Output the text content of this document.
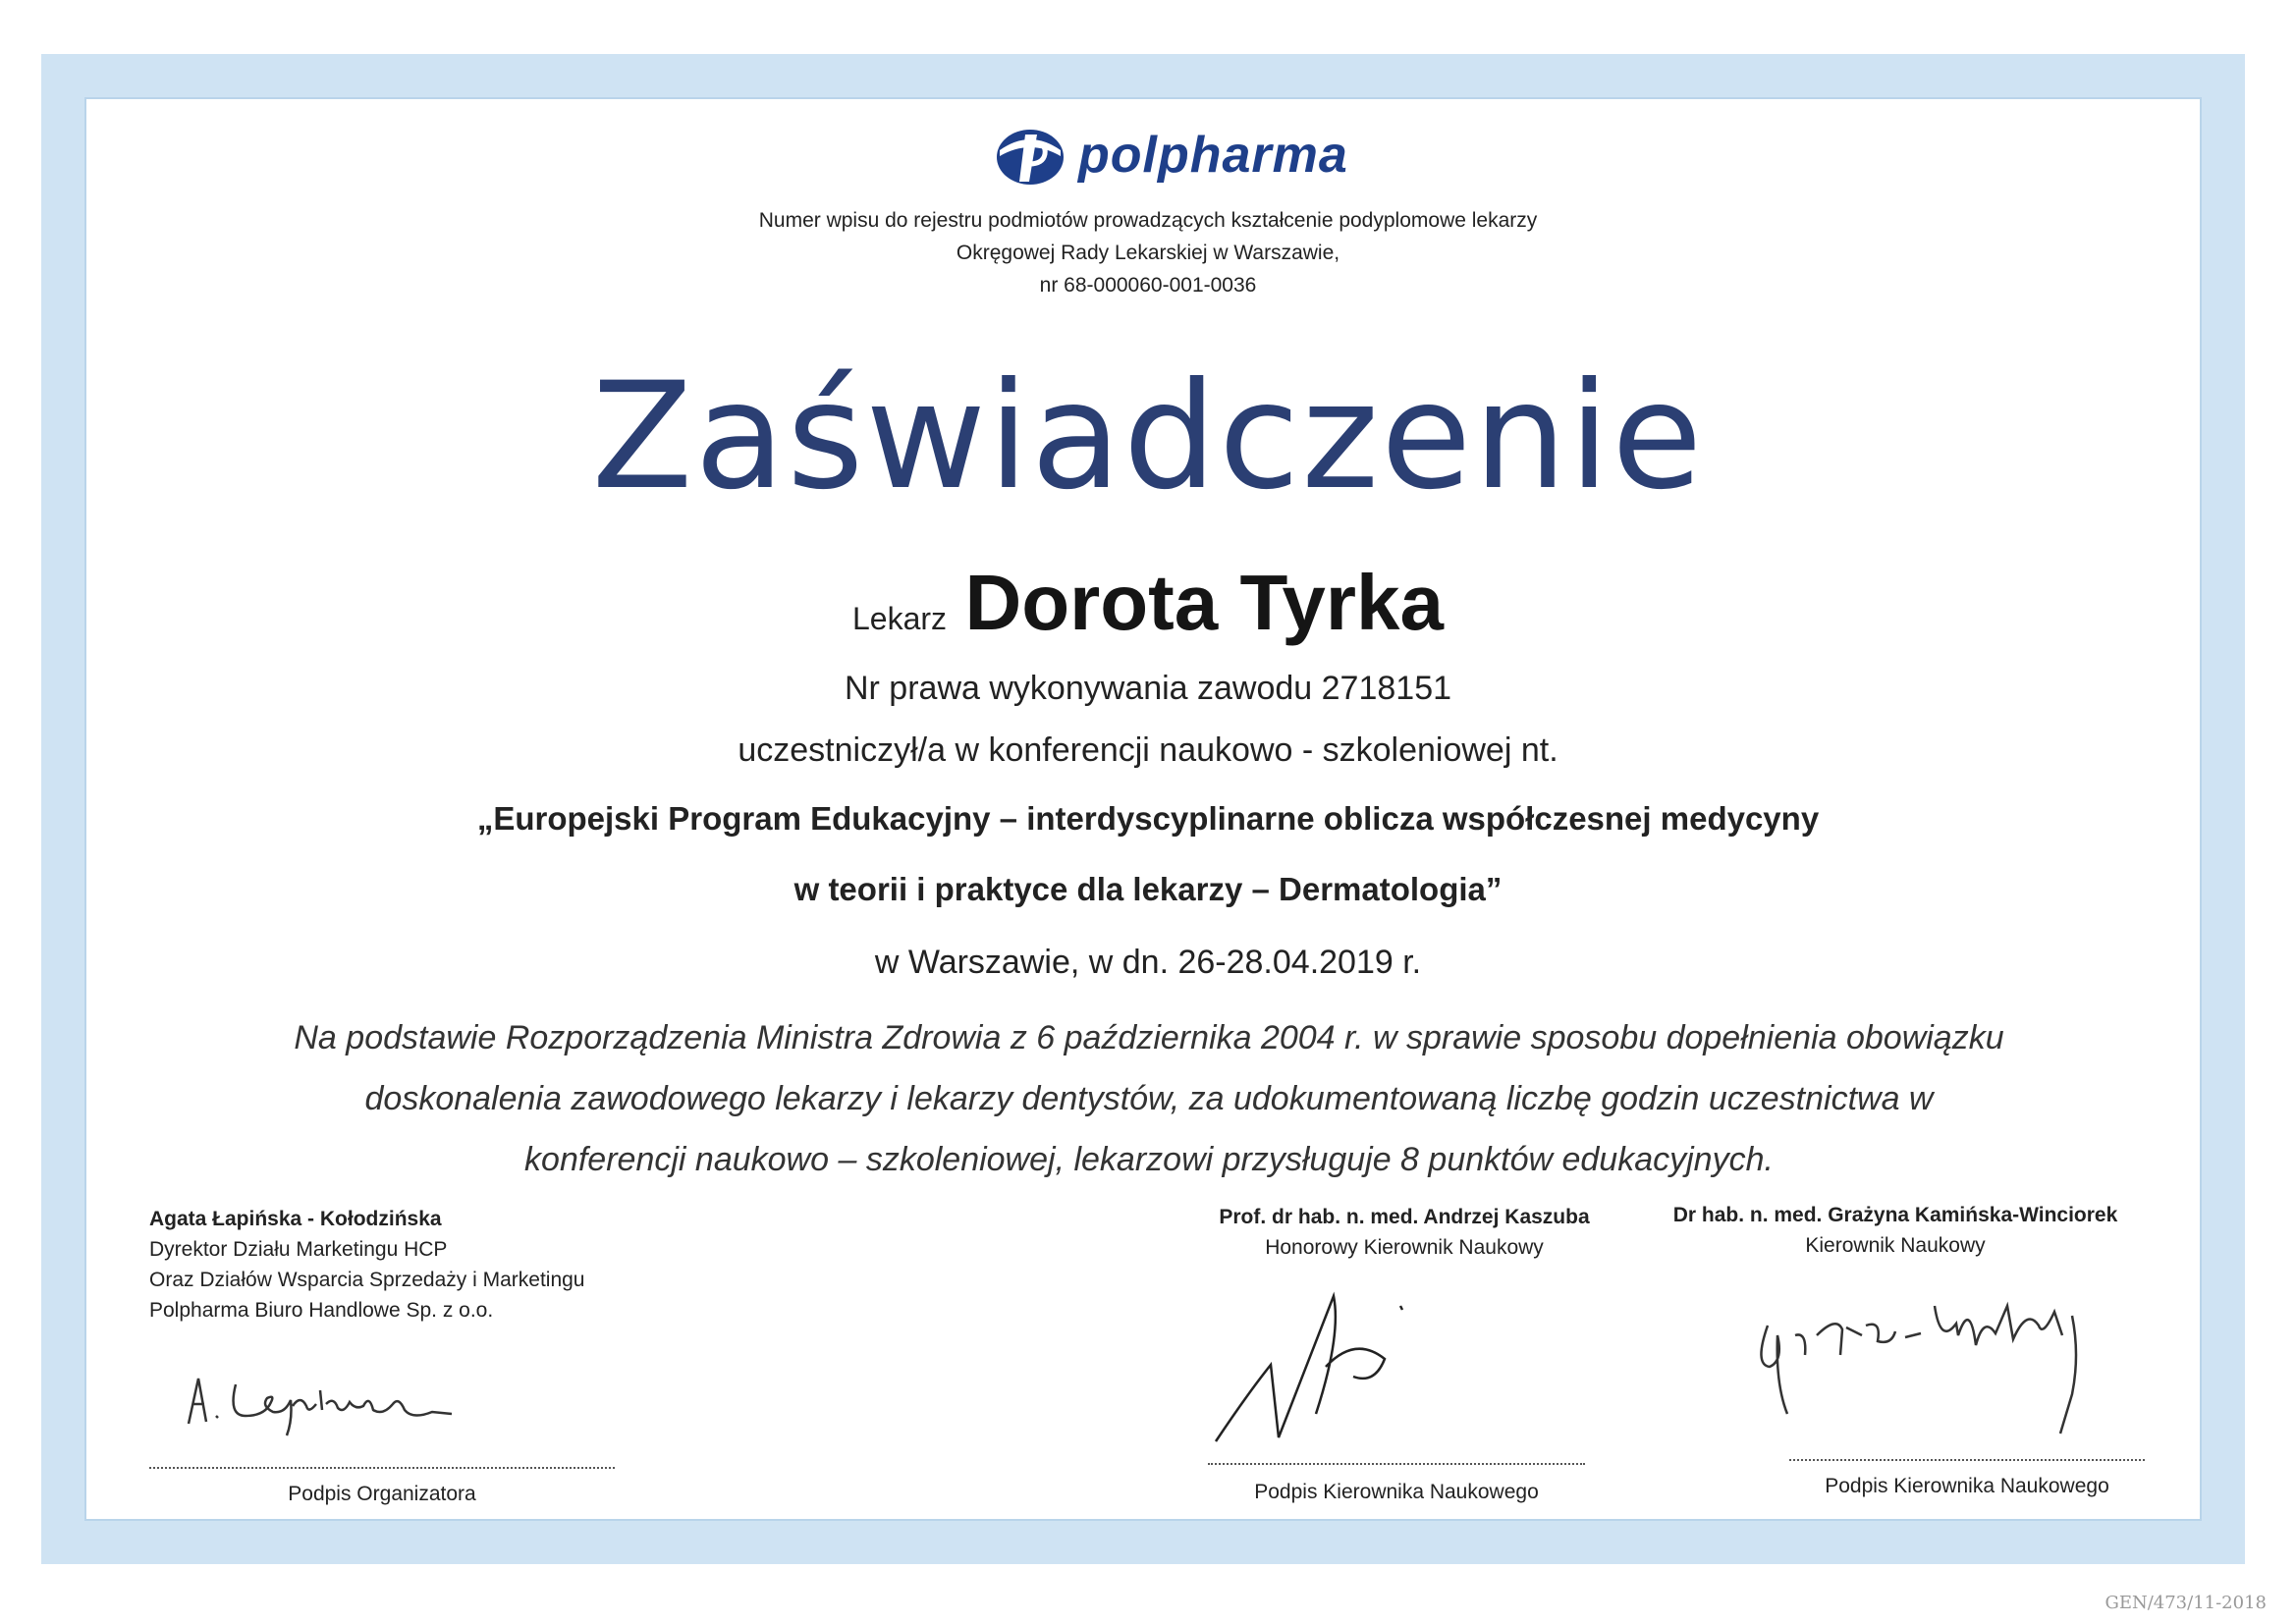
polpharma
Numer wpisu do rejestru podmiotów prowadzących kształcenie podyplomowe lekarzy
Okręgowej Rady Lekarskiej w Warszawie,
nr 68-000060-001-0036
Zaświadczenie
Lekarz Dorota Tyrka
Nr prawa wykonywania zawodu 2718151
uczestniczył/a w konferencji naukowo - szkoleniowej nt.
„Europejski Program Edukacyjny – interdyscyplinarne oblicza współczesnej medycyny
w teorii i praktyce dla lekarzy – Dermatologia”
w Warszawie, w dn. 26-28.04.2019 r.
Na podstawie Rozporządzenia Ministra Zdrowia z 6 października 2004 r. w sprawie sposobu dopełnienia obowiązku
doskonalenia zawodowego lekarzy i lekarzy dentystów, za udokumentowaną liczbę godzin uczestnictwa w
konferencji naukowo – szkoleniowej, lekarzowi przysługuje 8 punktów edukacyjnych.
Agata Łapińska - Kołodzińska
Dyrektor Działu Marketingu HCP
Oraz Działów Wsparcia Sprzedaży i Marketingu
Polpharma Biuro Handlowe Sp. z o.o.
Podpis Organizatora
Prof. dr hab. n. med. Andrzej Kaszuba
Honorowy Kierownik Naukowy
Podpis Kierownika Naukowego
Dr hab. n. med. Grażyna Kamińska-Winciorek
Kierownik Naukowy
Podpis Kierownika Naukowego
GEN/473/11-2018
